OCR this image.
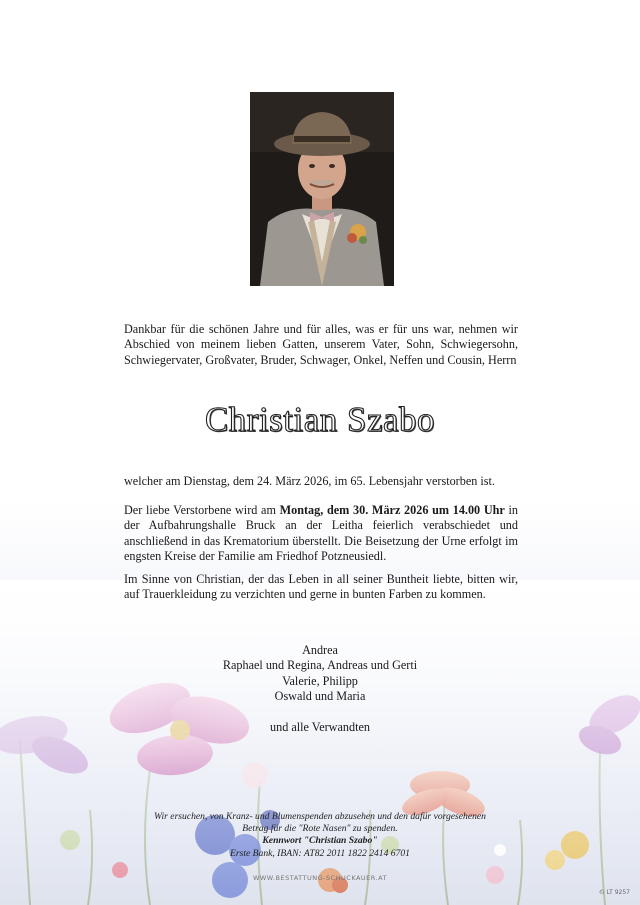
Dankbar für die schönen Jahre und für alles, was er für uns war, nehmen wir Abschied von meinem lieben Gatten, unserem Vater, Sohn, Schwiegersohn, Schwiegervater, Großvater, Bruder, Schwager, Onkel, Neffen und Cousin, Herrn
Christian Szabo
welcher am Dienstag, dem 24. März 2026, im 65. Lebensjahr verstorben ist.
Der liebe Verstorbene wird am Montag, dem 30. März 2026 um 14.00 Uhr in der Aufbahrungshalle Bruck an der Leitha feierlich verabschiedet und anschließend in das Krematorium überstellt. Die Beisetzung der Urne erfolgt im engsten Kreise der Familie am Friedhof Potzneusiedl.
Im Sinne von Christian, der das Leben in all seiner Buntheit liebte, bitten wir, auf Trauerkleidung zu verzichten und gerne in bunten Farben zu kommen.
Andrea
Raphael und Regina, Andreas und Gerti
Valerie, Philipp
Oswald und Maria
und alle Verwandten
Wir ersuchen, von Kranz- und Blumenspenden abzusehen und den dafür vorgesehenen
Betrag für die "Rote Nasen" zu spenden.
Kennwort "Christian Szabo"
Erste Bank, IBAN: AT82 2011 1822 2414 6701
WWW.BESTATTUNG-SCHUCKAUER.AT
© LT 9257
